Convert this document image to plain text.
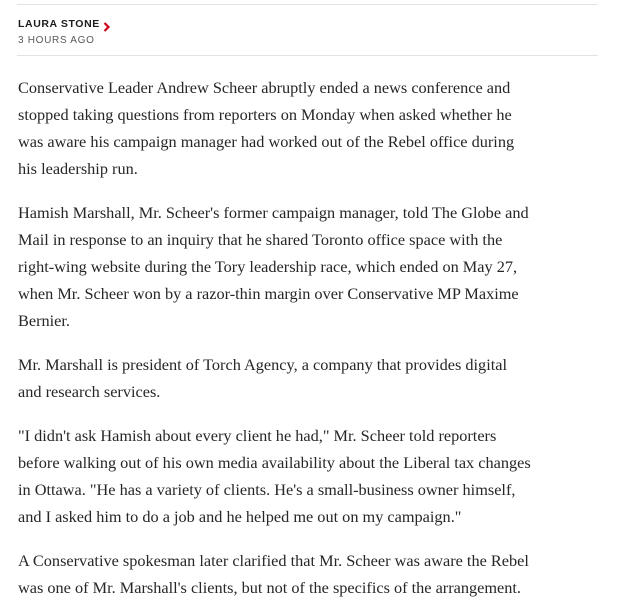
LAURA STONE
3 HOURS AGO

Conservative Leader Andrew Scheer abruptly ended a news conference and
stopped taking questions from reporters on Monday when asked whether he
was aware his campaign manager had worked out of the Rebel office during
his leadership run.

Hamish Marshall, Mr. Scheer's former campaign manager, told The Globe and
Mail in response to an inquiry that he shared Toronto office space with the
right-wing website during the Tory leadership race, which ended on May 27,
when Mr. Scheer won by a razor-thin margin over Conservative MP Maxime
Bernier.

Mr. Marshall is president of Torch Agency, a company that provides digital
and research services.

"I didn't ask Hamish about every client he had," Mr. Scheer told reporters
before walking out of his own media availability about the Liberal tax changes
in Ottawa. "He has a variety of clients. He's a small-business owner himself,
and I asked him to do a job and he helped me out on my campaign."

A Conservative spokesman later clarified that Mr. Scheer was aware the Rebel
was one of Mr. Marshall's clients, but not of the specifics of the arrangement.
